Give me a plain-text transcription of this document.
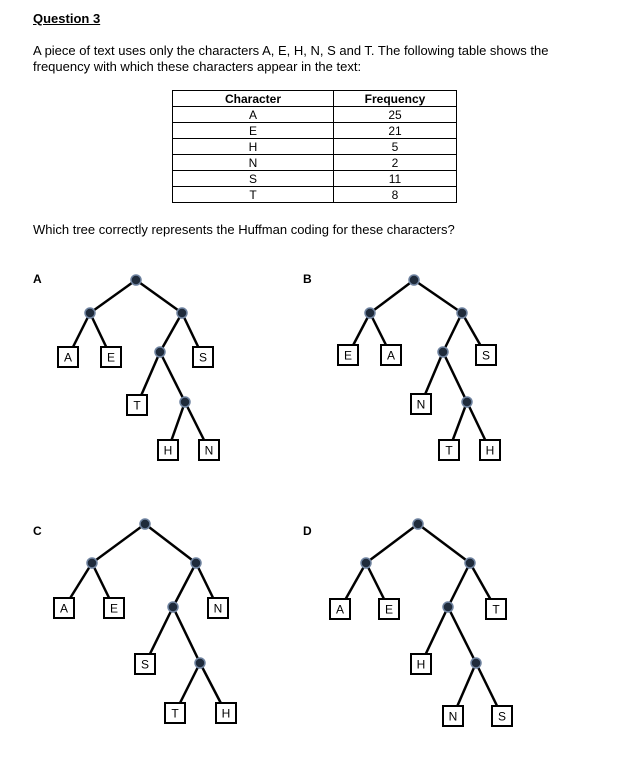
Question 3
A piece of text uses only the characters A, E, H, N, S and T. The following table shows the frequency with which these characters appear in the text:
Character	Frequency
A	25
E	21
H	5
N	2
S	11
T	8
Which tree correctly represents the Huffman coding for these characters?
A
A	E
T
S
H	N
B
E	A
N
S
T	H
C
A	E
S
N
T	H
D
A	E
H
T
N	S
